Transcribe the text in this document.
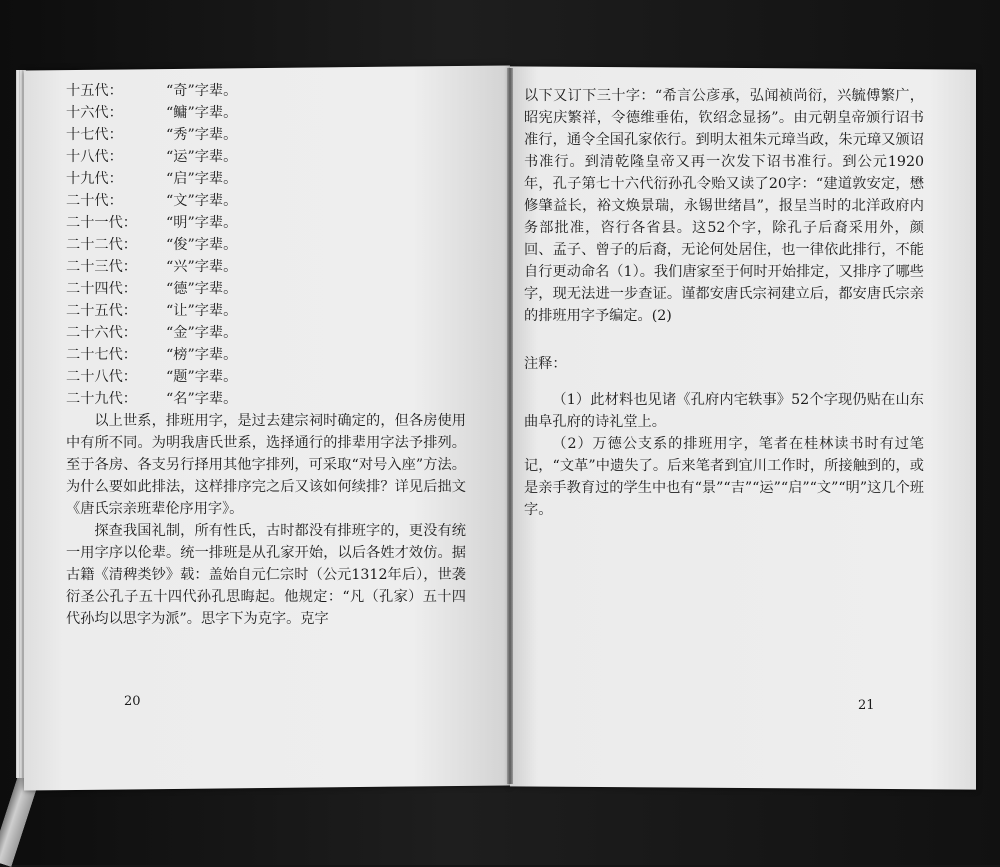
十五代：	“奇”字辈。
十六代：	“鳙”字辈。
十七代：	“秀”字辈。
十八代：	“运”字辈。
十九代：	“启”字辈。
二十代：	“文”字辈。
二十一代：	“明”字辈。
二十二代：	“俊”字辈。
二十三代：	“兴”字辈。
二十四代：	“德”字辈。
二十五代：	“让”字辈。
二十六代：	“金”字辈。
二十七代：	“榜”字辈。
二十八代：	“题”字辈。
二十九代：	“名”字辈。

以上世系，排班用字，是过去建宗祠时确定的，但各房使用中有所不同。为明我唐氏世系，选择通行的排辈用字法予排列。至于各房、各支另行择用其他字排列，可采取“对号入座”方法。为什么要如此排法，这样排序完之后又该如何续排？详见后拙文《唐氏宗亲班辈伦序用字》。

探查我国礼制，所有性氏，古时都没有排班字的，更没有统一用字序以伦辈。统一排班是从孔家开始，以后各姓才效仿。据古籍《清稗类钞》载：盖始自元仁宗时（公元1312年后），世袭衍圣公孔子五十四代孙孔思晦起。他规定：“凡（孔家）五十四代孙均以思字为派”。思字下为克字。克字

20

以下又订下三十字：“希言公彦承，弘闻祯尚衍，兴毓傅繁广，昭宪庆繁祥，令德维垂佑，钦绍念显扬”。由元朝皇帝颁行诏书准行，通令全国孔家依行。到明太祖朱元璋当政，朱元璋又颁诏书准行。到清乾隆皇帝又再一次发下诏书准行。到公元1920年，孔子第七十六代衍孙孔令贻又读了20字：“建道敦安定，懋修肇益长，裕文焕景瑞，永锡世绪昌”，报呈当时的北洋政府内务部批准，咨行各省县。这52个字，除孔子后裔采用外，颜回、孟子、曾子的后裔，无论何处居住，也一律依此排行，不能自行更动命名（1）。我们唐家至于何时开始排定，又排序了哪些字，现无法进一步查证。谨都安唐氏宗祠建立后，都安唐氏宗亲的排班用字予编定。(2)

注释：

（1）此材料也见诸《孔府内宅轶事》52个字现仍贴在山东曲阜孔府的诗礼堂上。

（2）万德公支系的排班用字，笔者在桂林读书时有过笔记，“文革”中遗失了。后来笔者到宜川工作时，所接触到的，或是亲手教育过的学生中也有“景”“吉”“运”“启”“文”“明”这几个班字。

21
